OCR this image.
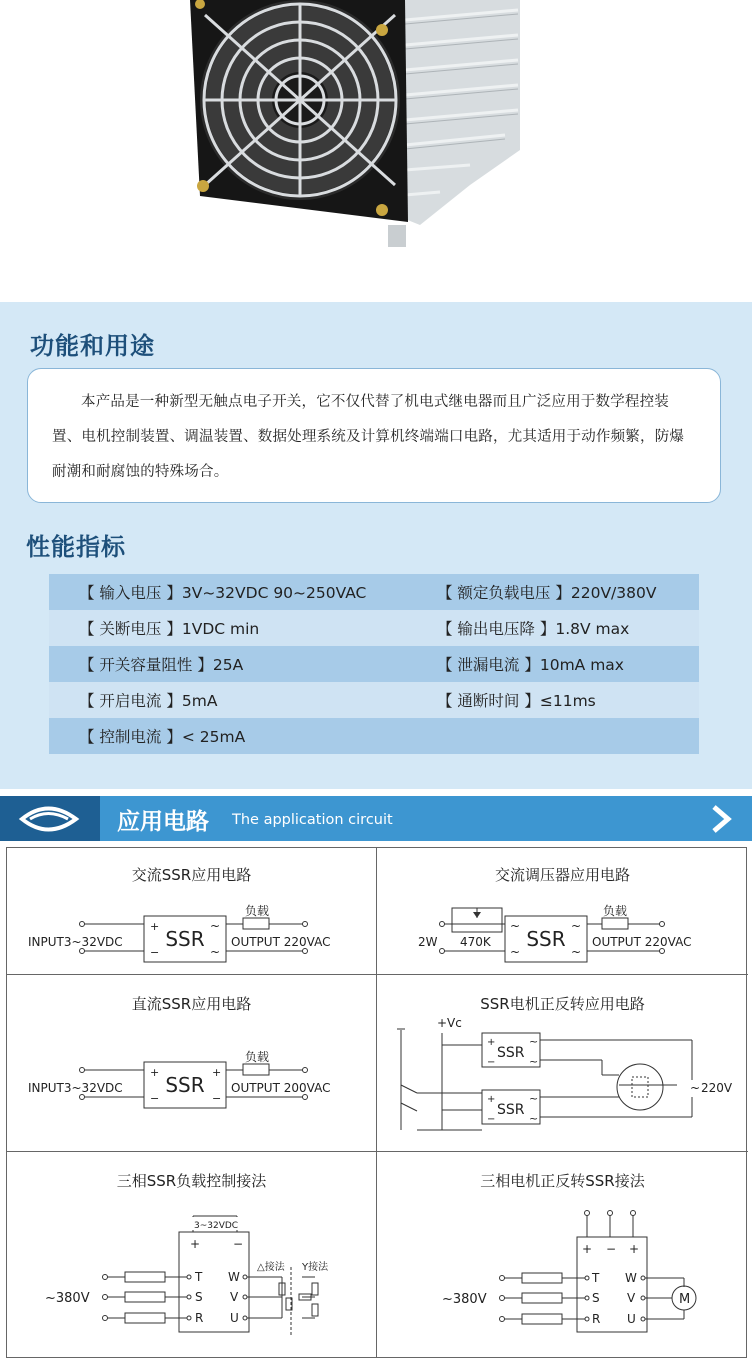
功能和用途

本产品是一种新型无触点电子开关，它不仅代替了机电式继电器而且广泛应用于数学程控装置、电机控制装置、调温装置、数据处理系统及计算机终端端口电路，尤其适用于动作频繁，防爆耐潮和耐腐蚀的特殊场合。

性能指标
【 输入电压 】3V~32VDC 90~250VAC	【 额定负载电压 】220V/380V
【 关断电压 】1VDC min	【 输出电压降 】1.8V max
【 开关容量阻性 】25A	【 泄漏电流 】10mA max
【 开启电流 】5mA	【 通断时间 】≤11ms
【 控制电流 】< 25mA
应用电路 The application circuit
交流SSR应用电路
负载
SSR
+
−
~
~
INPUT3~32VDC	OUTPUT 220VAC
交流调压器应用电路
负载
SSR
~
~
~
~
2W 470K	OUTPUT 220VAC
直流SSR应用电路
负载
SSR
+
−
+
−
INPUT3~32VDC	OUTPUT 200VAC
SSR电机正反转应用电路
+Vc
SSR
SSR
+
−
+
−
~
~
~
~
~ 220V
三相SSR负载控制接法
3~32VDC
+	−
T
S
R
W
V
U
△接法 Y接法
~380V
三相电机正反转SSR接法
+ − +
T
S
R
W
V
U
M
~380V
